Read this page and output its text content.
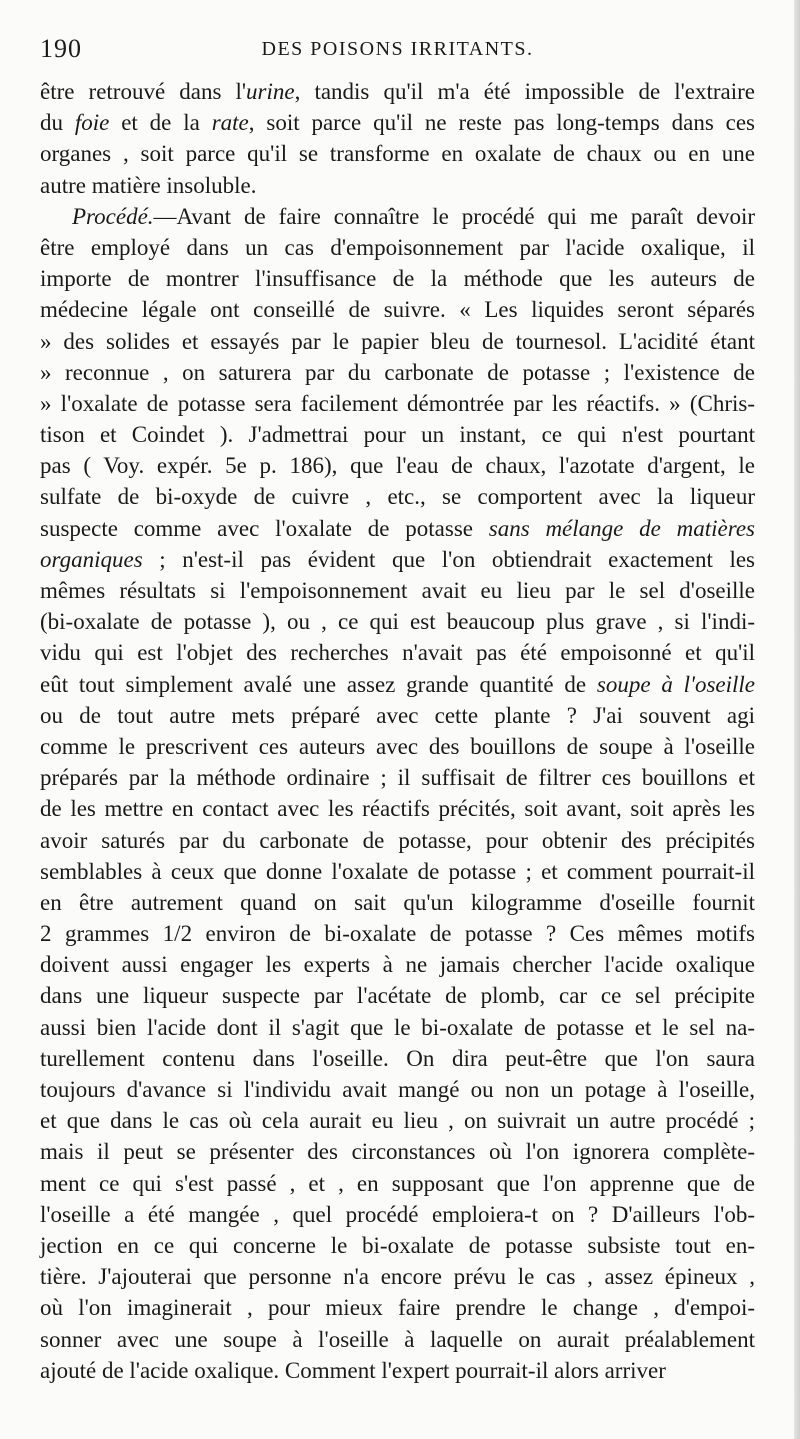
190	DES POISONS IRRITANTS.
être retrouvé dans l'urine, tandis qu'il m'a été impossible de l'extraire
du foie et de la rate, soit parce qu'il ne reste pas long-temps dans ces
organes , soit parce qu'il se transforme en oxalate de chaux ou en une
autre matière insoluble.
Procédé.—Avant de faire connaître le procédé qui me paraît devoir
être employé dans un cas d'empoisonnement par l'acide oxalique, il
importe de montrer l'insuffisance de la méthode que les auteurs de
médecine légale ont conseillé de suivre. « Les liquides seront séparés
» des solides et essayés par le papier bleu de tournesol. L'acidité étant
» reconnue , on saturera par du carbonate de potasse ; l'existence de
» l'oxalate de potasse sera facilement démontrée par les réactifs. » (Chris-
tison et Coindet ). J'admettrai pour un instant, ce qui n'est pourtant
pas ( Voy. expér. 5e p. 186), que l'eau de chaux, l'azotate d'argent, le
sulfate de bi-oxyde de cuivre , etc., se comportent avec la liqueur
suspecte comme avec l'oxalate de potasse sans mélange de matières
organiques ; n'est-il pas évident que l'on obtiendrait exactement les
mêmes résultats si l'empoisonnement avait eu lieu par le sel d'oseille
(bi-oxalate de potasse ), ou , ce qui est beaucoup plus grave , si l'indi-
vidu qui est l'objet des recherches n'avait pas été empoisonné et qu'il
eût tout simplement avalé une assez grande quantité de soupe à l'oseille
ou de tout autre mets préparé avec cette plante ? J'ai souvent agi
comme le prescrivent ces auteurs avec des bouillons de soupe à l'oseille
préparés par la méthode ordinaire ; il suffisait de filtrer ces bouillons et
de les mettre en contact avec les réactifs précités, soit avant, soit après les
avoir saturés par du carbonate de potasse, pour obtenir des précipités
semblables à ceux que donne l'oxalate de potasse ; et comment pourrait-il
en être autrement quand on sait qu'un kilogramme d'oseille fournit
2 grammes 1/2 environ de bi-oxalate de potasse ? Ces mêmes motifs
doivent aussi engager les experts à ne jamais chercher l'acide oxalique
dans une liqueur suspecte par l'acétate de plomb, car ce sel précipite
aussi bien l'acide dont il s'agit que le bi-oxalate de potasse et le sel na-
turellement contenu dans l'oseille. On dira peut-être que l'on saura
toujours d'avance si l'individu avait mangé ou non un potage à l'oseille,
et que dans le cas où cela aurait eu lieu , on suivrait un autre procédé ;
mais il peut se présenter des circonstances où l'on ignorera complète-
ment ce qui s'est passé , et , en supposant que l'on apprenne que de
l'oseille a été mangée , quel procédé emploiera-t on ? D'ailleurs l'ob-
jection en ce qui concerne le bi-oxalate de potasse subsiste tout en-
tière. J'ajouterai que personne n'a encore prévu le cas , assez épineux ,
où l'on imaginerait , pour mieux faire prendre le change , d'empoi-
sonner avec une soupe à l'oseille à laquelle on aurait préalablement
ajouté de l'acide oxalique. Comment l'expert pourrait-il alors arriver
